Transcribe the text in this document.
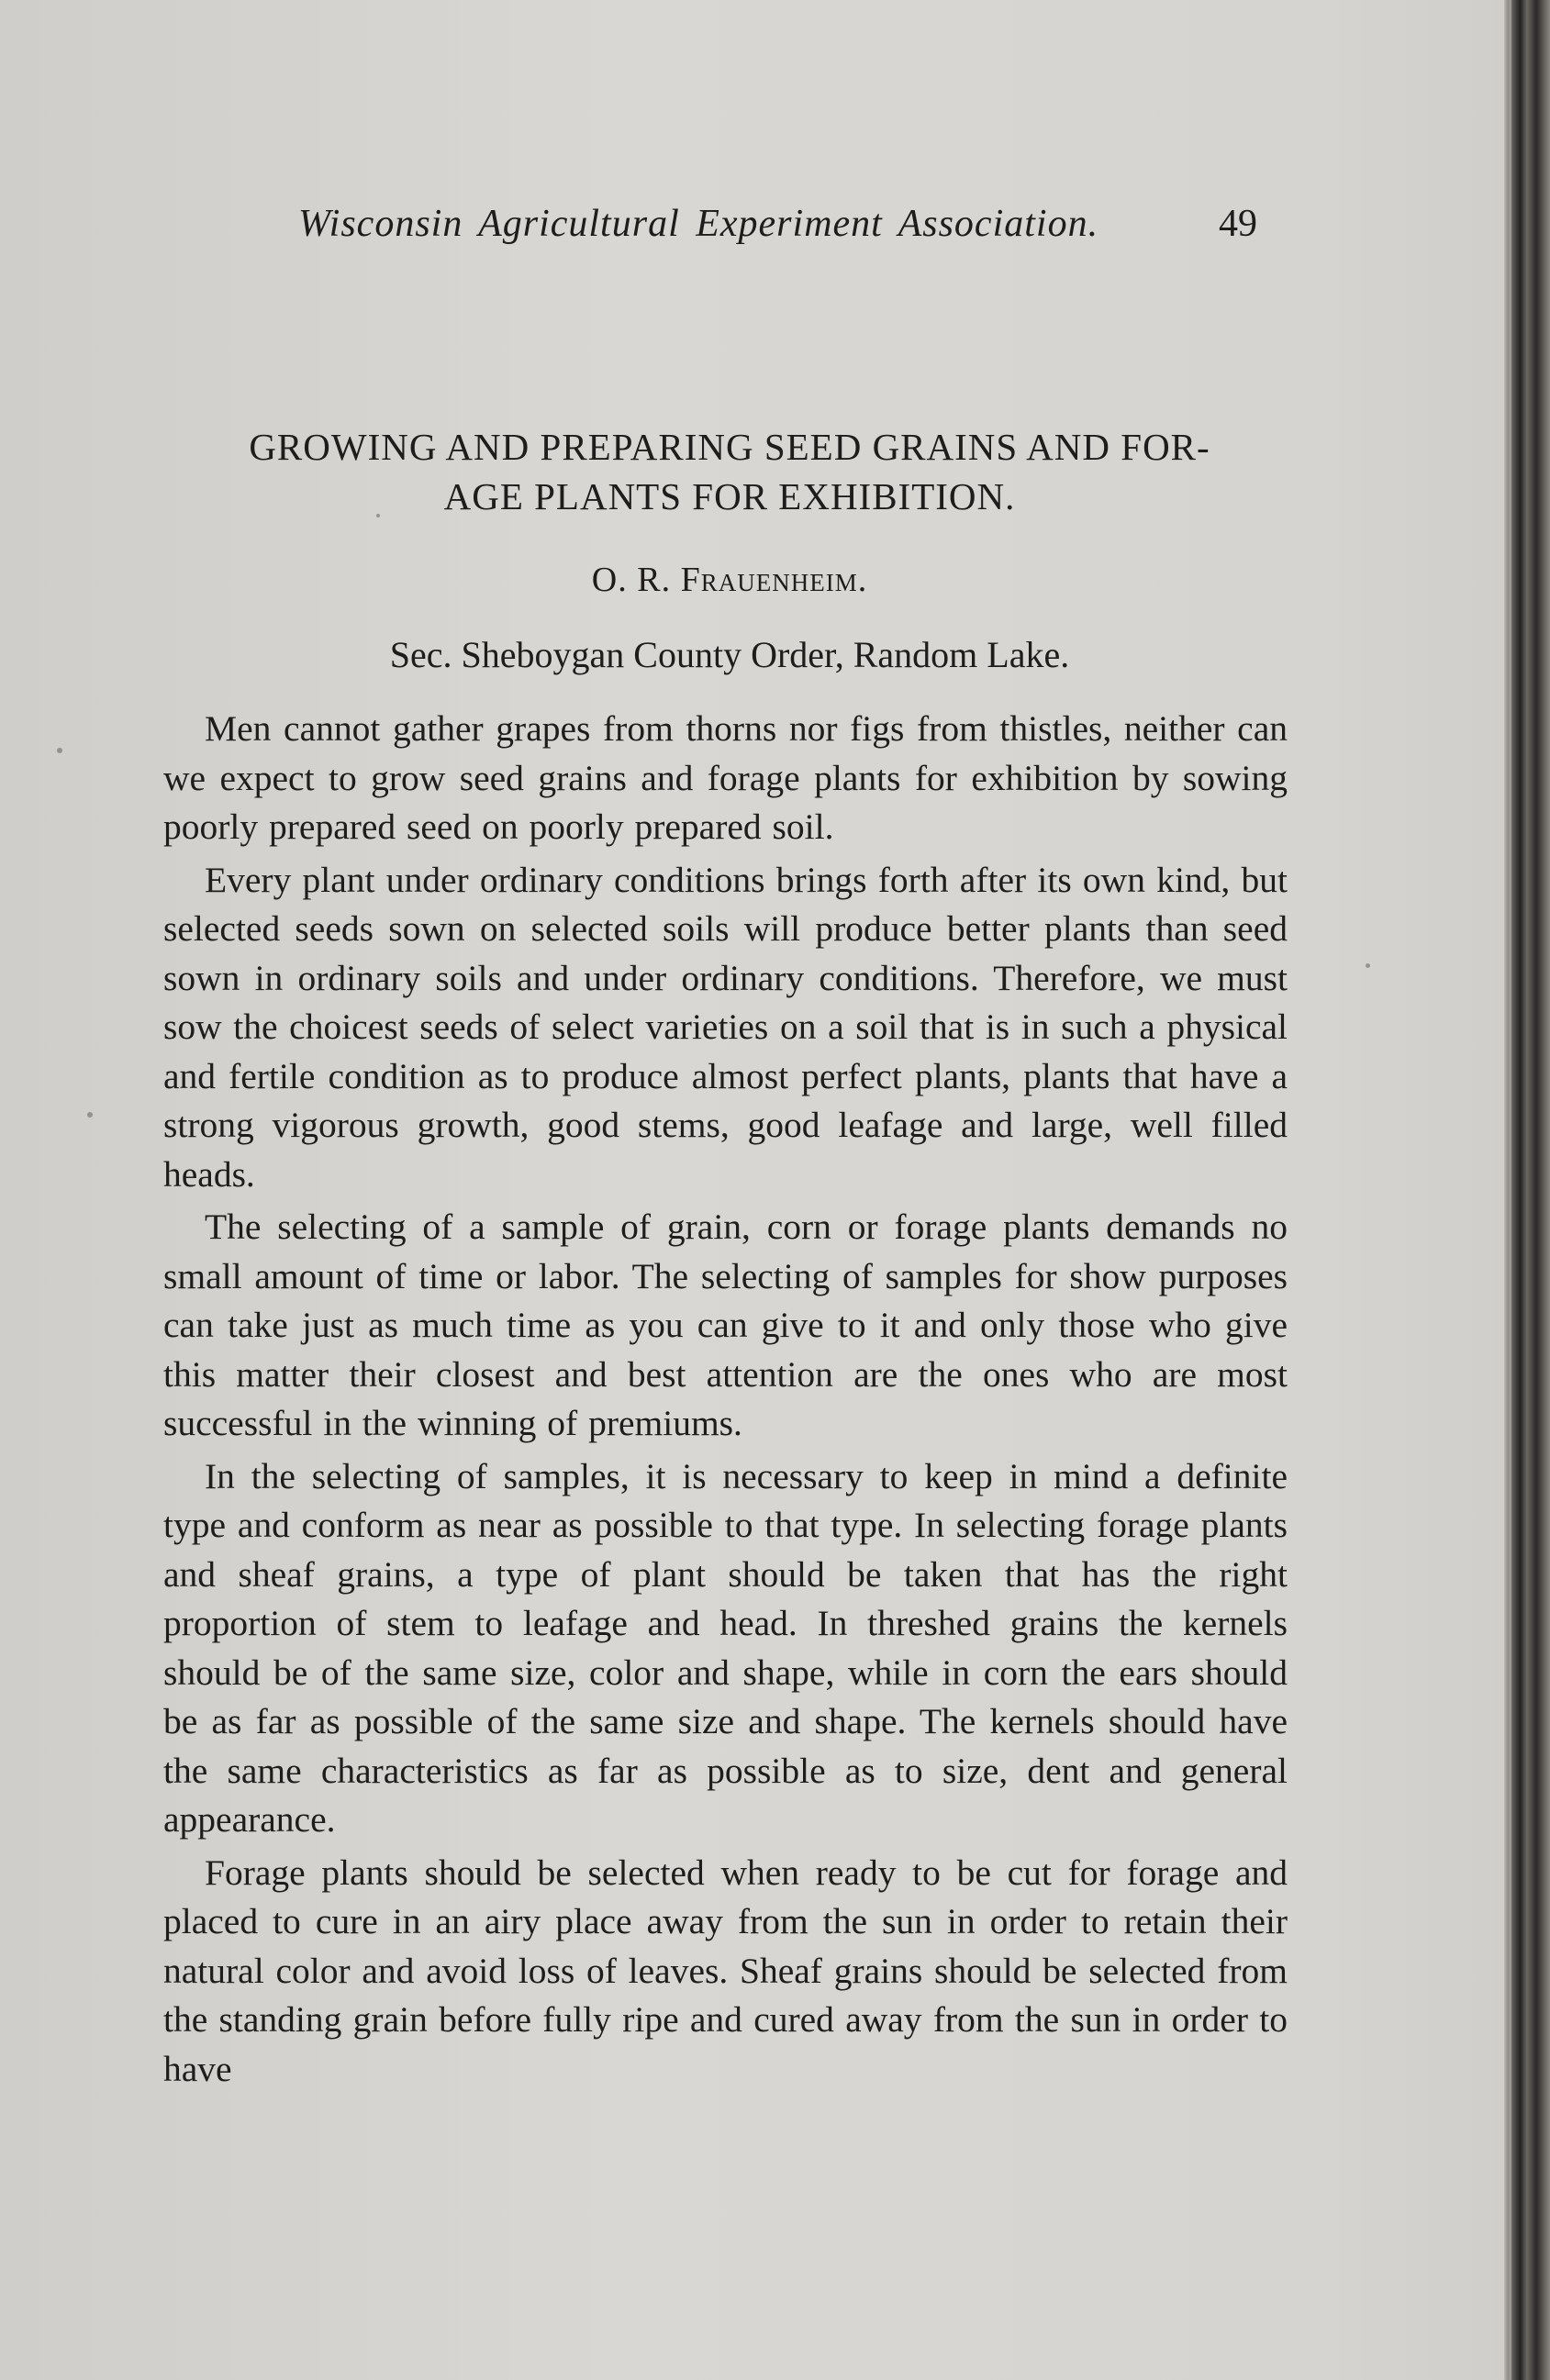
Wisconsin Agricultural Experiment Association.	49
GROWING AND PREPARING SEED GRAINS AND FOR-
AGE PLANTS FOR EXHIBITION.
O. R. Frauenheim.
Sec. Sheboygan County Order, Random Lake.

Men cannot gather grapes from thorns nor figs from thistles, neither can we expect to grow seed grains and forage plants for exhibition by sowing poorly prepared seed on poorly prepared soil.

Every plant under ordinary conditions brings forth after its own kind, but selected seeds sown on selected soils will produce better plants than seed sown in ordinary soils and under ordinary conditions. Therefore, we must sow the choicest seeds of select varieties on a soil that is in such a physical and fertile condition as to produce almost perfect plants, plants that have a strong vigorous growth, good stems, good leafage and large, well filled heads.

The selecting of a sample of grain, corn or forage plants demands no small amount of time or labor. The selecting of samples for show purposes can take just as much time as you can give to it and only those who give this matter their closest and best attention are the ones who are most successful in the winning of premiums.

In the selecting of samples, it is necessary to keep in mind a definite type and conform as near as possible to that type. In selecting forage plants and sheaf grains, a type of plant should be taken that has the right proportion of stem to leafage and head. In threshed grains the kernels should be of the same size, color and shape, while in corn the ears should be as far as possible of the same size and shape. The kernels should have the same characteristics as far as possible as to size, dent and general appearance.

Forage plants should be selected when ready to be cut for forage and placed to cure in an airy place away from the sun in order to retain their natural color and avoid loss of leaves. Sheaf grains should be selected from the standing grain before fully ripe and cured away from the sun in order to have
